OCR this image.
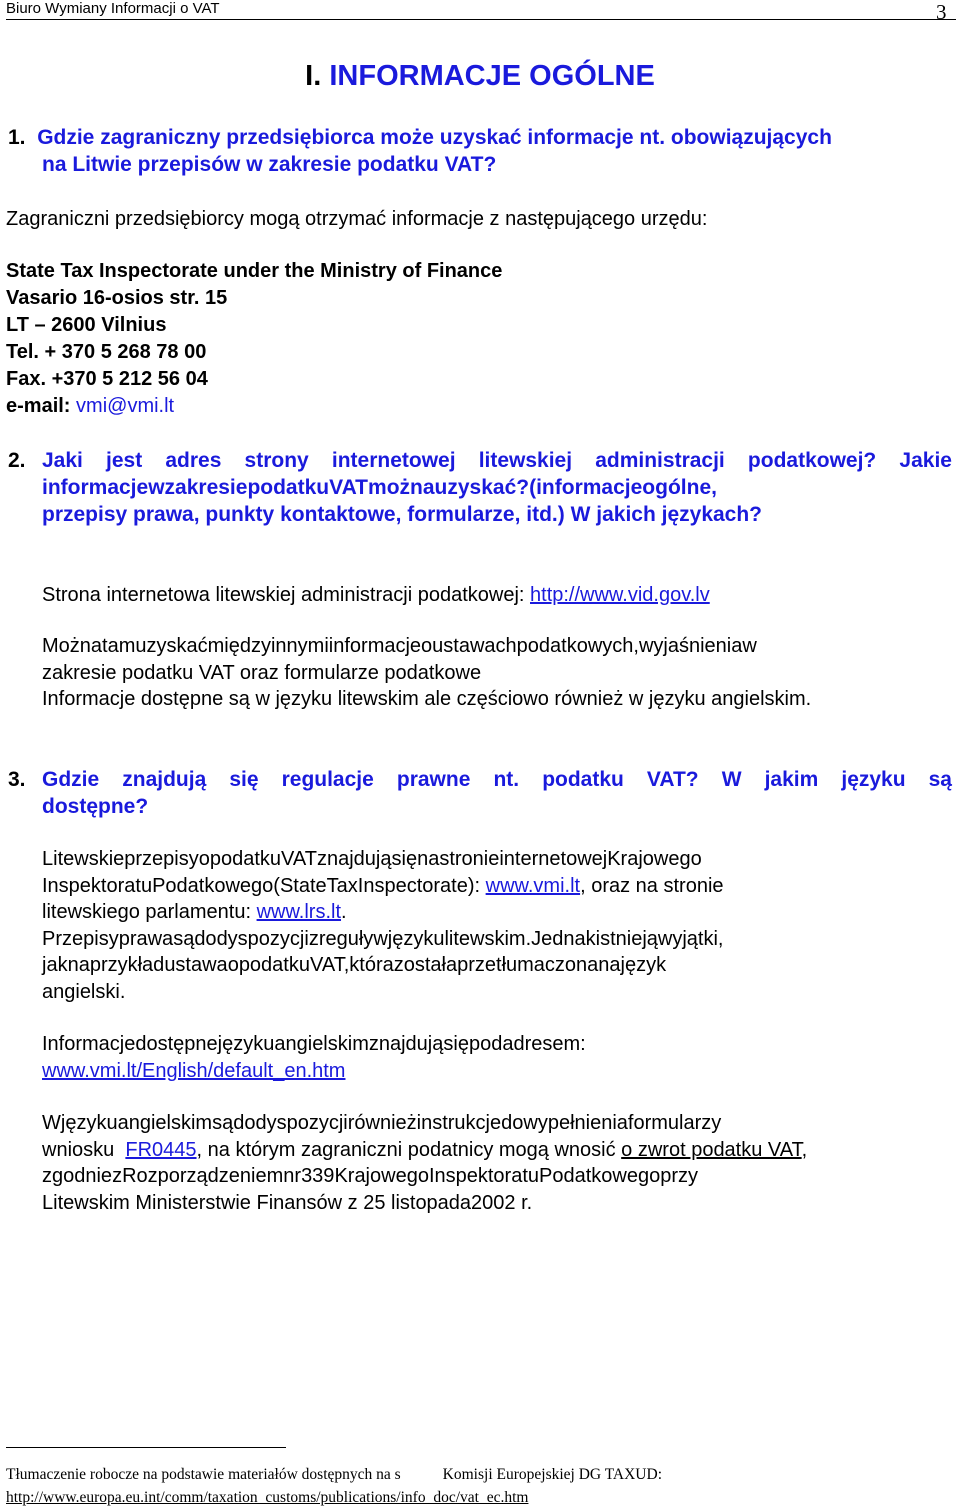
Biuro Wymiany Informacji o VAT	3
I. INFORMACJE OGÓLNE
1. Gdzie zagraniczny przedsiębiorca może uzyskać informacje nt. obowiązujących
na Litwie przepisów w zakresie podatku VAT?
Zagraniczni przedsiębiorcy mogą otrzymać informacje z następującego urzędu:
State Tax Inspectorate under the Ministry of Finance
Vasario 16-osios str. 15
LT – 2600 Vilnius
Tel. + 370 5 268 78 00
Fax. +370 5 212 56 04
e-mail: vmi@vmi.lt
2. Jaki jest adres strony internetowej litewskiej administracji podatkowej? Jakie
informacjewzakresiepodatkuVATmożnauzyskać?(informacjeogólne,
przepisy prawa, punkty kontaktowe, formularze, itd.) W jakich językach?
Strona internetowa litewskiej administracji podatkowej: http://www.vid.gov.lv
Możnatamuzyskaćmiędzyinnymiinformacjeoustawachpodatkowych,wyjaśnieniaw
zakresie podatku VAT oraz formularze podatkowe
Informacje dostępne są w języku litewskim ale częściowo również w języku angielskim.
3. Gdzie znajdują się regulacje prawne nt. podatku VAT? W jakim języku są
dostępne?
LitewskieprzepisyopodatkuVATznajdująsięnastronieinternetowejKrajowego
InspektoratuPodatkowego(StateTaxInspectorate): www.vmi.lt , oraz na stronie
litewskiego parlamentu: www.lrs.lt.
Przepisyprawasądodyspozycjizreguływjęzykulitewskim.Jednakistniejąwyjątki,
jaknaprzykładustawaopodatkuVAT,którazostałaprzetłumaczonanajęzyk
angielski.
Informacjedostępnejęzykuangielskimznajdująsiępodadresem:
www.vmi.lt/English/default_en.htm
Wjęzykuangielskimsądodyspozycjirównieżinstrukcjedowypełnieniaformularzy
wniosku  FR0445, na którym zagraniczni podatnicy mogą wnosić o zwrot podatku VAT,
zgodniezRozporządzeniemnr339KrajowegoInspektoratuPodatkowegoprzy
Litewskim Ministerstwie Finansów z 25 listopada2002 r.
Tłumaczenie robocze na podstawie materiałów dostępnych na s	Komisji Europejskiej DG TAXUD:
http://www.europa.eu.int/comm/taxation_customs/publications/info_doc/vat_ec.htm
